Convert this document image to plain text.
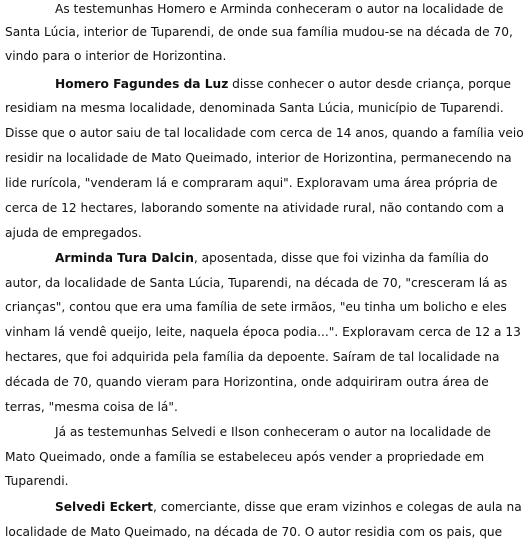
As testemunhas Homero e Arminda conheceram o autor na localidade de
Santa Lúcia, interior de Tuparendi, de onde sua família mudou-se na década de 70,
vindo para o interior de Horizontina.
Homero Fagundes da Luz disse conhecer o autor desde criança, porque
residiam na mesma localidade, denominada Santa Lúcia, município de Tuparendi.
Disse que o autor saiu de tal localidade com cerca de 14 anos, quando a família veio
residir na localidade de Mato Queimado, interior de Horizontina, permanecendo na
lide rurícola, "venderam lá e compraram aqui". Exploravam uma área própria de
cerca de 12 hectares, laborando somente na atividade rural, não contando com a
ajuda de empregados.
Arminda Tura Dalcin, aposentada, disse que foi vizinha da família do
autor, da localidade de Santa Lúcia, Tuparendi, na década de 70, "cresceram lá as
crianças", contou que era uma família de sete irmãos, "eu tinha um bolicho e eles
vinham lá vendê queijo, leite, naquela época podia...". Exploravam cerca de 12 a 13
hectares, que foi adquirida pela família da depoente. Saíram de tal localidade na
década de 70, quando vieram para Horizontina, onde adquiriram outra área de
terras, "mesma coisa de lá".
Já as testemunhas Selvedi e Ilson conheceram o autor na localidade de
Mato Queimado, onde a família se estabeleceu após vender a propriedade em
Tuparendi.
Selvedi Eckert, comerciante, disse que eram vizinhos e colegas de aula na
localidade de Mato Queimado, na década de 70. O autor residia com os pais, que
